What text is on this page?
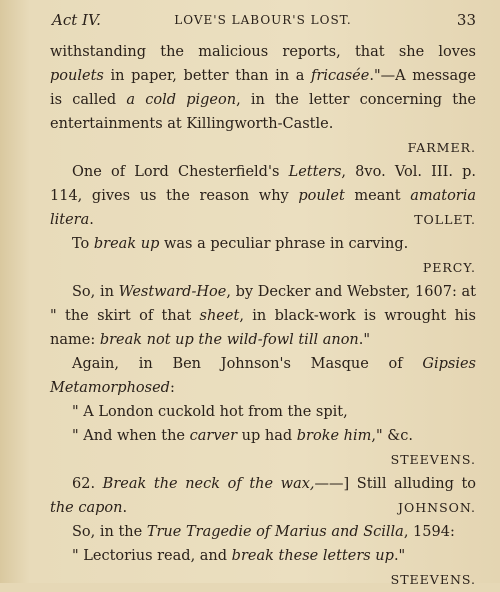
Act IV.	LOVE'S LABOUR'S LOST.	33

withstanding the malicious reports, that she loves poulets in paper, better than in a fricasée."—A message is called a cold pigeon, in the letter concerning the entertainments at Killingworth-Castle.

FARMER.

One of Lord Chesterfield's Letters, 8vo. Vol. III. p. 114, gives us the reason why poulet meant amatoria litera.	TOLLET.

To break up was a peculiar phrase in carving.

PERCY.

So, in Westward-Hoe, by Decker and Webster, 1607: at " the skirt of that sheet, in black-work is wrought his name: break not up the wild-fowl till anon."

Again, in Ben Johnson's Masque of Gipsies Metamorphosed:

" A London cuckold hot from the spit,

" And when the carver up had broke him," &c.

STEEVENS.

62. Break the neck of the wax,——] Still alluding to the capon.	JOHNSON.

So, in the True Tragedie of Marius and Scilla, 1594:

" Lectorius read, and break these letters up."

STEEVENS.
